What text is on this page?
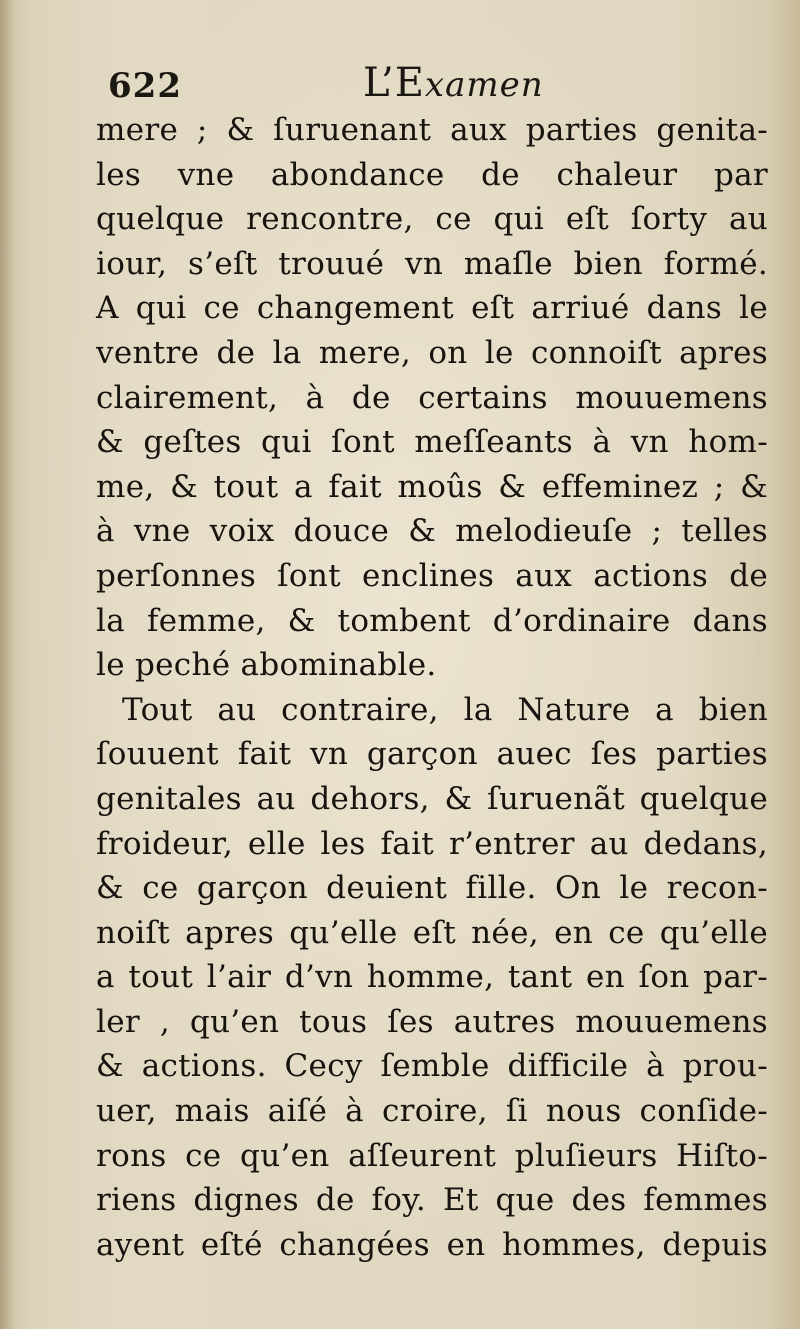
622	L’Examen
mere ; & ſuruenant aux parties genita-
les vne abondance de chaleur par
quelque rencontre, ce qui eſt ſorty au
iour, s’eſt trouué vn maſle bien formé.
A qui ce changement eſt arriué dans le
ventre de la mere, on le connoiſt apres
clairement, à de certains mouuemens
& geſtes qui ſont meſſeants à vn hom-
me, & tout a fait moûs & effeminez ; &
à vne voix douce & melodieuſe ; telles
perſonnes ſont enclines aux actions de
la femme, & tombent d’ordinaire dans
le peché abominable.
Tout au contraire, la Nature a bien
ſouuent fait vn garçon auec ſes parties
genitales au dehors, & ſuruenãt quelque
froideur, elle les fait r’entrer au dedans,
& ce garçon deuient fille. On le recon-
noiſt apres qu’elle eſt née, en ce qu’elle
a tout l’air d’vn homme, tant en ſon par-
ler , qu’en tous ſes autres mouuemens
& actions. Cecy ſemble difficile à prou-
uer, mais aiſé à croire, ſi nous conſide-
rons ce qu’en aſſeurent pluſieurs Hiſto-
riens dignes de foy. Et que des femmes
ayent eſté changées en hommes, depuis
